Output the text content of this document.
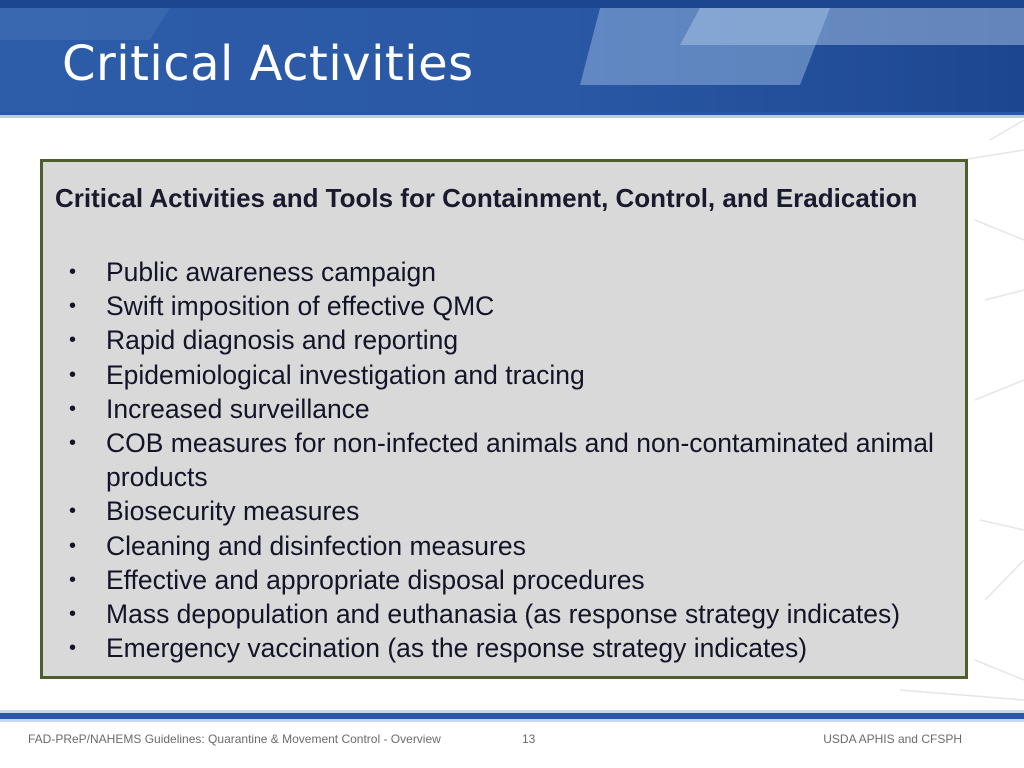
Critical Activities
Critical Activities and Tools for Containment, Control, and Eradication
• Public awareness campaign
• Swift imposition of effective QMC
• Rapid diagnosis and reporting
• Epidemiological investigation and tracing
• Increased surveillance
• COB measures for non-infected animals and non-contaminated animal products
• Biosecurity measures
• Cleaning and disinfection measures
• Effective and appropriate disposal procedures
• Mass depopulation and euthanasia (as response strategy indicates)
• Emergency vaccination (as the response strategy indicates)
FAD-PReP/NAHEMS Guidelines: Quarantine & Movement Control - Overview	13	USDA APHIS and CFSPH
